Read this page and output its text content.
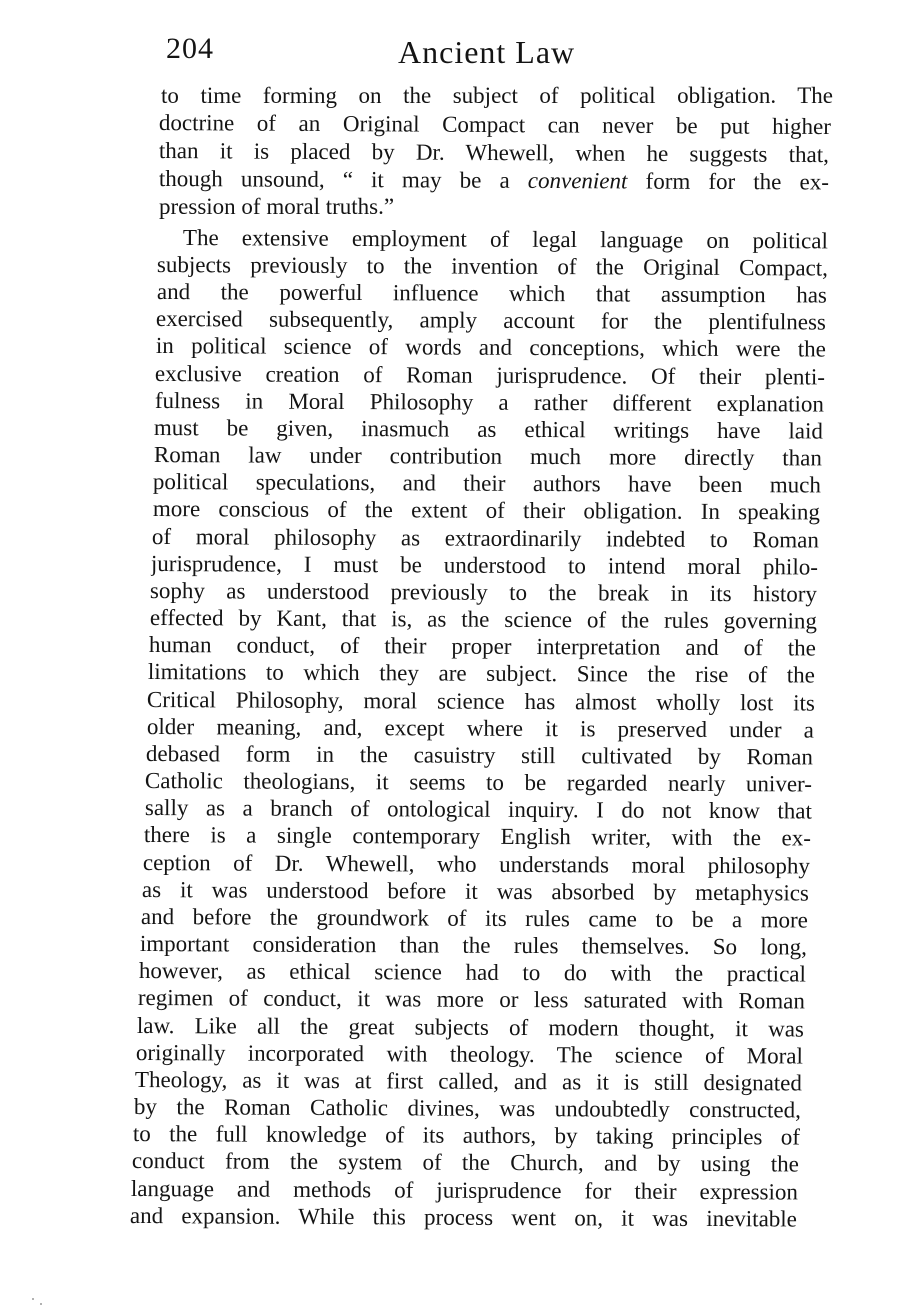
204	Ancient Law
to time forming on the subject of political obligation. The
doctrine of an Original Compact can never be put higher
than it is placed by Dr. Whewell, when he suggests that,
though unsound, “ it may be a convenient form for the ex-
pression of moral truths.”
The extensive employment of legal language on political
subjects previously to the invention of the Original Compact,
and the powerful influence which that assumption has
exercised subsequently, amply account for the plentifulness
in political science of words and conceptions, which were the
exclusive creation of Roman jurisprudence. Of their plenti-
fulness in Moral Philosophy a rather different explanation
must be given, inasmuch as ethical writings have laid
Roman law under contribution much more directly than
political speculations, and their authors have been much
more conscious of the extent of their obligation. In speaking
of moral philosophy as extraordinarily indebted to Roman
jurisprudence, I must be understood to intend moral philo-
sophy as understood previously to the break in its history
effected by Kant, that is, as the science of the rules governing
human conduct, of their proper interpretation and of the
limitations to which they are subject. Since the rise of the
Critical Philosophy, moral science has almost wholly lost its
older meaning, and, except where it is preserved under a
debased form in the casuistry still cultivated by Roman
Catholic theologians, it seems to be regarded nearly univer-
sally as a branch of ontological inquiry. I do not know that
there is a single contemporary English writer, with the ex-
ception of Dr. Whewell, who understands moral philosophy
as it was understood before it was absorbed by metaphysics
and before the groundwork of its rules came to be a more
important consideration than the rules themselves. So long,
however, as ethical science had to do with the practical
regimen of conduct, it was more or less saturated with Roman
law. Like all the great subjects of modern thought, it was
originally incorporated with theology. The science of Moral
Theology, as it was at first called, and as it is still designated
by the Roman Catholic divines, was undoubtedly constructed,
to the full knowledge of its authors, by taking principles of
conduct from the system of the Church, and by using the
language and methods of jurisprudence for their expression
and expansion. While this process went on, it was inevitable
